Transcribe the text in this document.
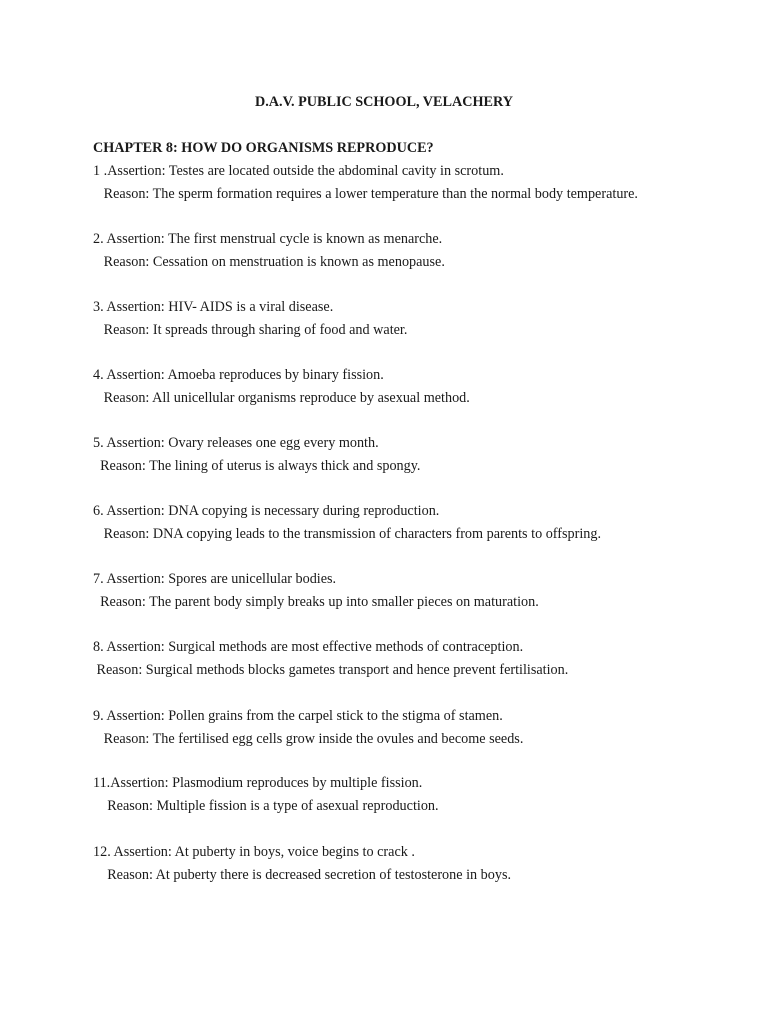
D.A.V. PUBLIC SCHOOL, VELACHERY
CHAPTER 8: HOW DO ORGANISMS REPRODUCE?
1 .Assertion: Testes are located outside the abdominal cavity in scrotum.
Reason: The sperm formation requires a lower temperature than the normal body temperature.
2. Assertion: The first menstrual cycle is known as menarche.
Reason: Cessation on menstruation is known as menopause.
3. Assertion: HIV- AIDS is a viral disease.
Reason: It spreads through sharing of food and water.
4. Assertion: Amoeba reproduces by binary fission.
Reason: All unicellular organisms reproduce by asexual method.
5. Assertion: Ovary releases one egg every month.
Reason: The lining of uterus is always thick and spongy.
6. Assertion: DNA copying is necessary during reproduction.
Reason: DNA copying leads to the transmission of characters from parents to offspring.
7. Assertion: Spores are unicellular bodies.
Reason: The parent body simply breaks up into smaller pieces on maturation.
8. Assertion: Surgical methods are most effective methods of contraception.
Reason: Surgical methods blocks gametes transport and hence prevent fertilisation.
9. Assertion: Pollen grains from the carpel stick to the stigma of stamen.
Reason: The fertilised egg cells grow inside the ovules and become seeds.
11.Assertion: Plasmodium reproduces by multiple fission.
Reason: Multiple fission is a type of asexual reproduction.
12. Assertion: At puberty in boys, voice begins to crack .
Reason: At puberty there is decreased secretion of testosterone in boys.
